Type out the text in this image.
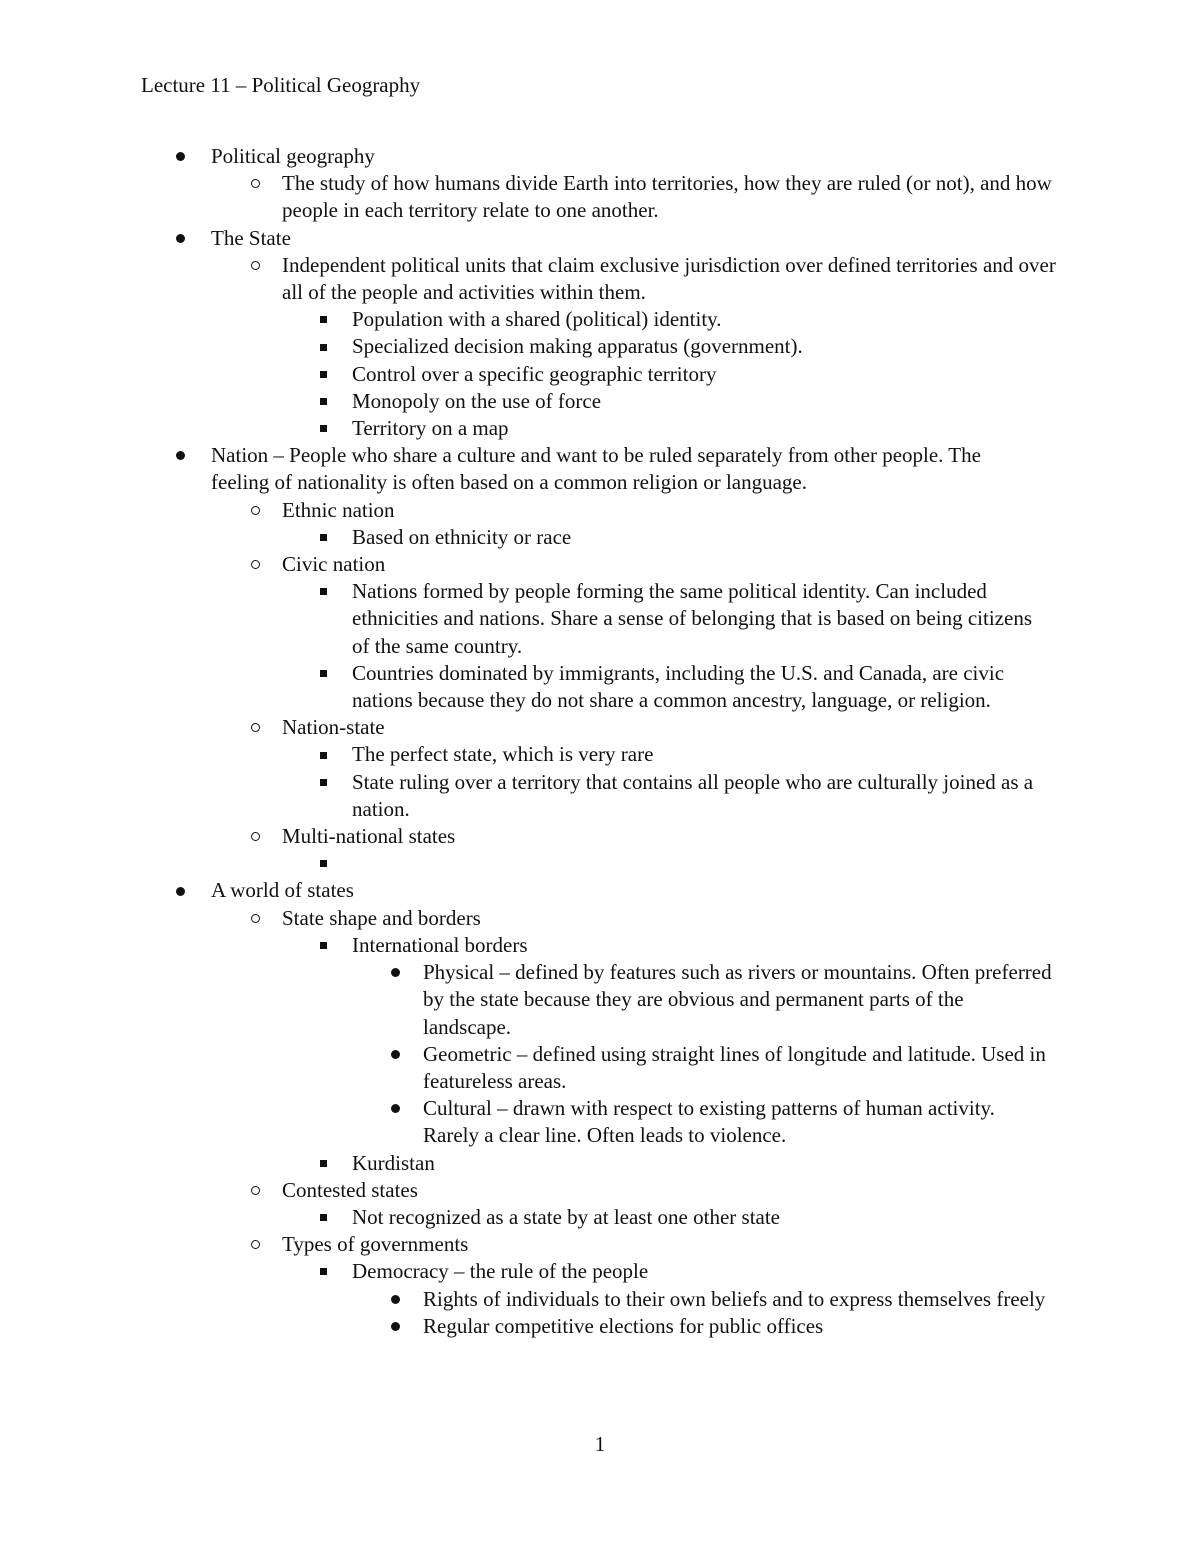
Lecture 11 – Political Geography
Political geography
The study of how humans divide Earth into territories, how they are ruled (or not), and how people in each territory relate to one another.
The State
Independent political units that claim exclusive jurisdiction over defined territories and over all of the people and activities within them.
Population with a shared (political) identity.
Specialized decision making apparatus (government).
Control over a specific geographic territory
Monopoly on the use of force
Territory on a map
Nation – People who share a culture and want to be ruled separately from other people. The feeling of nationality is often based on a common religion or language.
Ethnic nation
Based on ethnicity or race
Civic nation
Nations formed by people forming the same political identity. Can included ethnicities and nations. Share a sense of belonging that is based on being citizens of the same country.
Countries dominated by immigrants, including the U.S. and Canada, are civic nations because they do not share a common ancestry, language, or religion.
Nation-state
The perfect state, which is very rare
State ruling over a territory that contains all people who are culturally joined as a nation.
Multi-national states

A world of states
State shape and borders
International borders
Physical – defined by features such as rivers or mountains. Often preferred by the state because they are obvious and permanent parts of the landscape.
Geometric – defined using straight lines of longitude and latitude. Used in featureless areas.
Cultural – drawn with respect to existing patterns of human activity. Rarely a clear line. Often leads to violence.
Kurdistan
Contested states
Not recognized as a state by at least one other state
Types of governments
Democracy – the rule of the people
Rights of individuals to their own beliefs and to express themselves freely
Regular competitive elections for public offices
1
